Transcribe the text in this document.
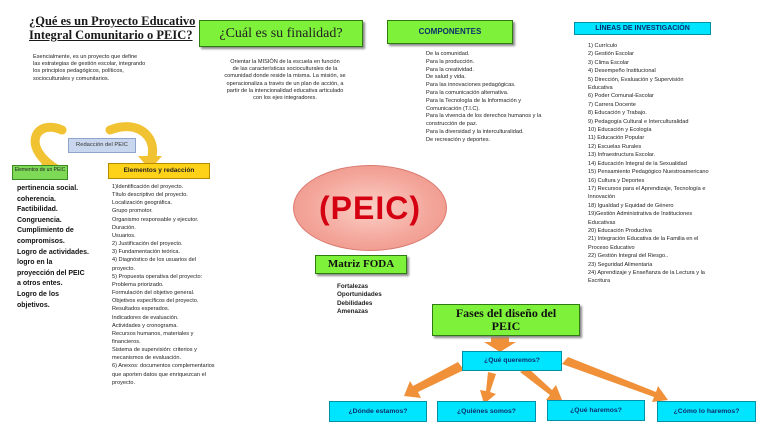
¿Qué es un Proyecto Educativo
Integral Comunitario o PEIC?
Esencialmente, es un proyecto que define
las estrategias de gestión escolar, integrando
los principios pedagógicos, políticos,
socioculturales y comunitarios.
¿Cuál es su finalidad?
Orientar la MISIÓN de la escuela en función
de las características socioculturales de la
comunidad donde reside la misma. La misión, se
operacionaliza a través de un plan de acción, a
partir de la intencionalidad educativa articulado
con los ejes integradores.
COMPONENTES
De la comunidad.
Para la producción.
Para la creatividad.
De salud y vida.
Para las innovaciones pedagógicas.
Para la comunicación alternativa.
Para la Tecnología de la Información y
Comunicación (T.I.C).
Para la vivencia de los derechos humanos y la
construcción de paz.
Para la diversidad y la interculturalidad.
De recreación y deportes.
LÍNEAS DE INVESTIGACIÓN
1) Currículo
2) Gestión Escolar
3) Clima Escolar
4) Desempeño Institucional
5) Dirección, Evaluación y Supervisión
Educativa
6) Poder Comunal-Escolar
7) Carrera Docente
8) Educación y Trabajo.
9) Pedagogía Cultural e Interculturalidad
10) Educación y Ecología
11) Educación Popular
12) Escuelas Rurales
13) Infraestructura Escolar.
14) Educación Integral de la Sexualidad
15) Pensamiento Pedagógico Nuestroamericano
16) Cultura y Deportes
17) Recursos para el Aprendizaje, Tecnología e
Innovación
18) Igualdad y Equidad de Género
19)Gestión Administrativa de Instituciones
Educativas
20) Educación Productiva
21) Integración Educativa de la Familia en el
Proceso Educativo
22) Gestión Integral del Riesgo..
23) Seguridad Alimentaria
24) Aprendizaje y Enseñanza de la Lectura y la
Escritura
Redacción del PEIC
Elementos de un PEIC
pertinencia social.
coherencia.
Factibilidad.
Congruencia.
Cumplimiento de
compromisos.
Logro de actividades.
logro en la
proyección del PEIC
a otros entes.
Logro de los
objetivos.
Elementos y redacción
1)Identificación del proyecto.
Título descriptivo del proyecto.
Localización geográfica.
Grupo promotor.
Organismo responsable y ejecutor.
Duración.
Usuarios.
2) Justificación del proyecto.
3) Fundamentación teórica.
4) Diagnóstico de los usuarios del
proyecto.
5) Propuesta operativa del proyecto:
Problema priorizado.
Formulación del objetivo general.
Objetivos específicos del proyecto.
Resultados esperados.
Indicadores de evaluación.
Actividades y cronograma.
Recursos humanos, materiales y
financieros.
Sistema de supervisión: criterios y
mecanismos de evaluación.
6) Anexos: documentos complementarios
que aporten datos que enriquezcan el
proyecto.
(PEIC)
Matriz FODA
Fortalezas
Oportunidades
Debilidades
Amenazas	Fases del diseño del
PEIC
¿Qué queremos?
¿Dónde estamos?	¿Quiénes somos?	¿Qué haremos?	¿Cómo lo haremos?
